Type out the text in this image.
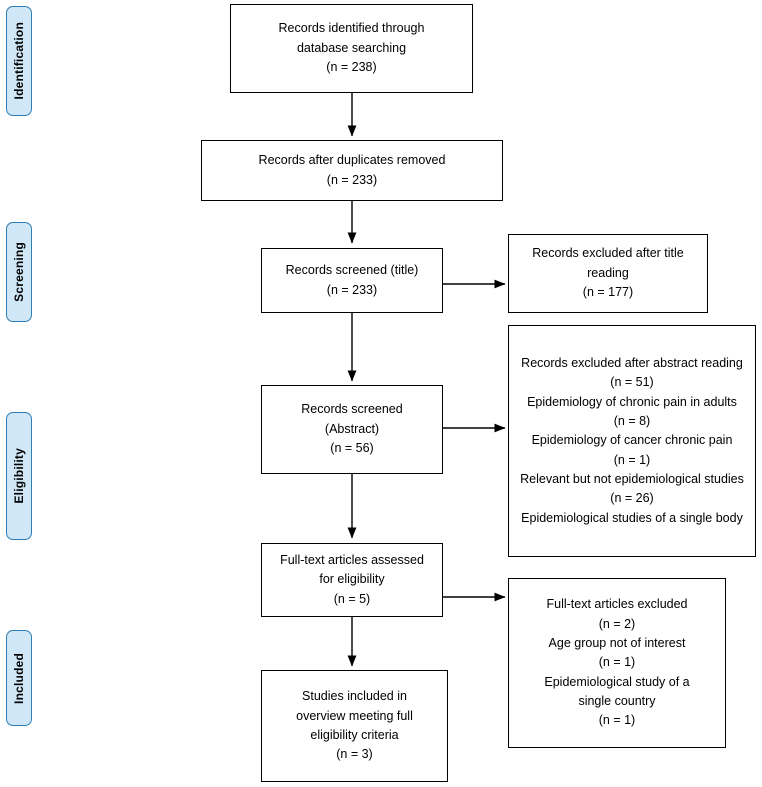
Identification
Screening
Eligibility
Included
Records identified through
database searching
(n = 238)
Records after duplicates removed
(n = 233)
Records screened (title)
(n = 233)
Records excluded after title
reading
(n = 177)
Records screened
(Abstract)
(n = 56)
Records excluded after abstract reading
(n = 51)
Epidemiology of chronic pain in adults
(n = 8)
Epidemiology of cancer chronic pain
(n = 1)
Relevant but not epidemiological studies
(n = 26)
Epidemiological studies of a single body
Full-text articles assessed
for eligibility
(n = 5)	Full-text articles excluded
(n = 2)
Age group not of interest
(n = 1)
Epidemiological study of a
single country
(n = 1)
Studies included in
overview meeting full
eligibility criteria
(n = 3)
